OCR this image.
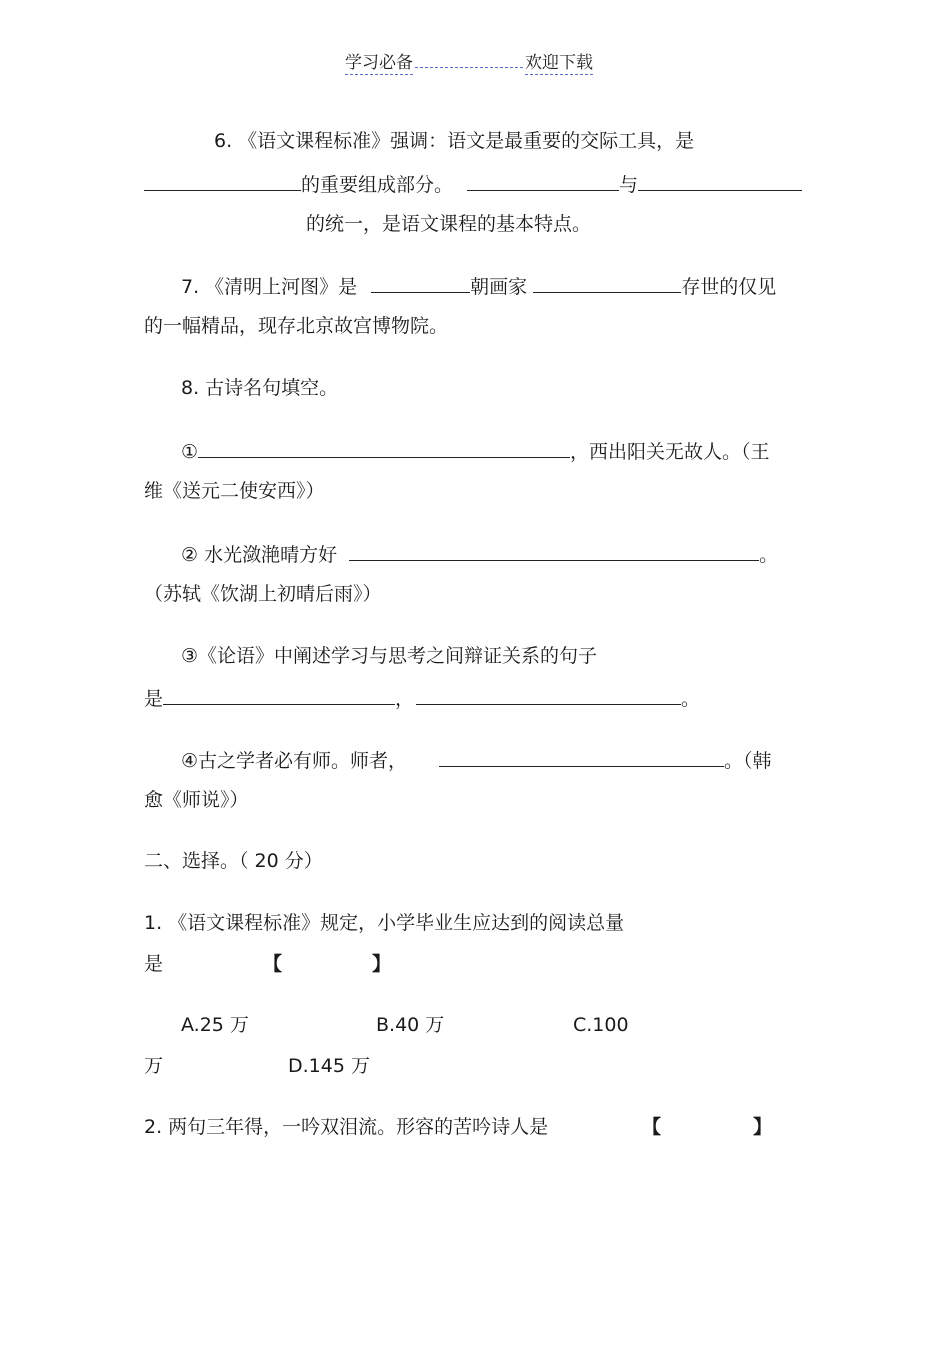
学习必备	欢迎下载
6. 《语文课程标准》强调：语文是最重要的交际工具，是
的重要组成部分。	与
的统一，是语文课程的基本特点。
7. 《清明上河图》是	朝画家	存世的仅见
的一幅精品，现存北京故宫博物院。
8. 古诗名句填空。
①	，西出阳关无故人。（王
维《送元二使安西》）
② 水光潋滟晴方好	。
（苏轼《饮湖上初晴后雨》）
③《论语》中阐述学习与思考之间辩证关系的句子
是	，	。
④古之学者必有师。师者，	。（韩
愈《师说》）
二、选择。（ 20 分）
1. 《语文课程标准》规定，小学毕业生应达到的阅读总量
是	【	】
A.25 万	B.40 万	C.100
万	D.145 万
2. 两句三年得，一吟双泪流。形容的苦吟诗人是	【	】
